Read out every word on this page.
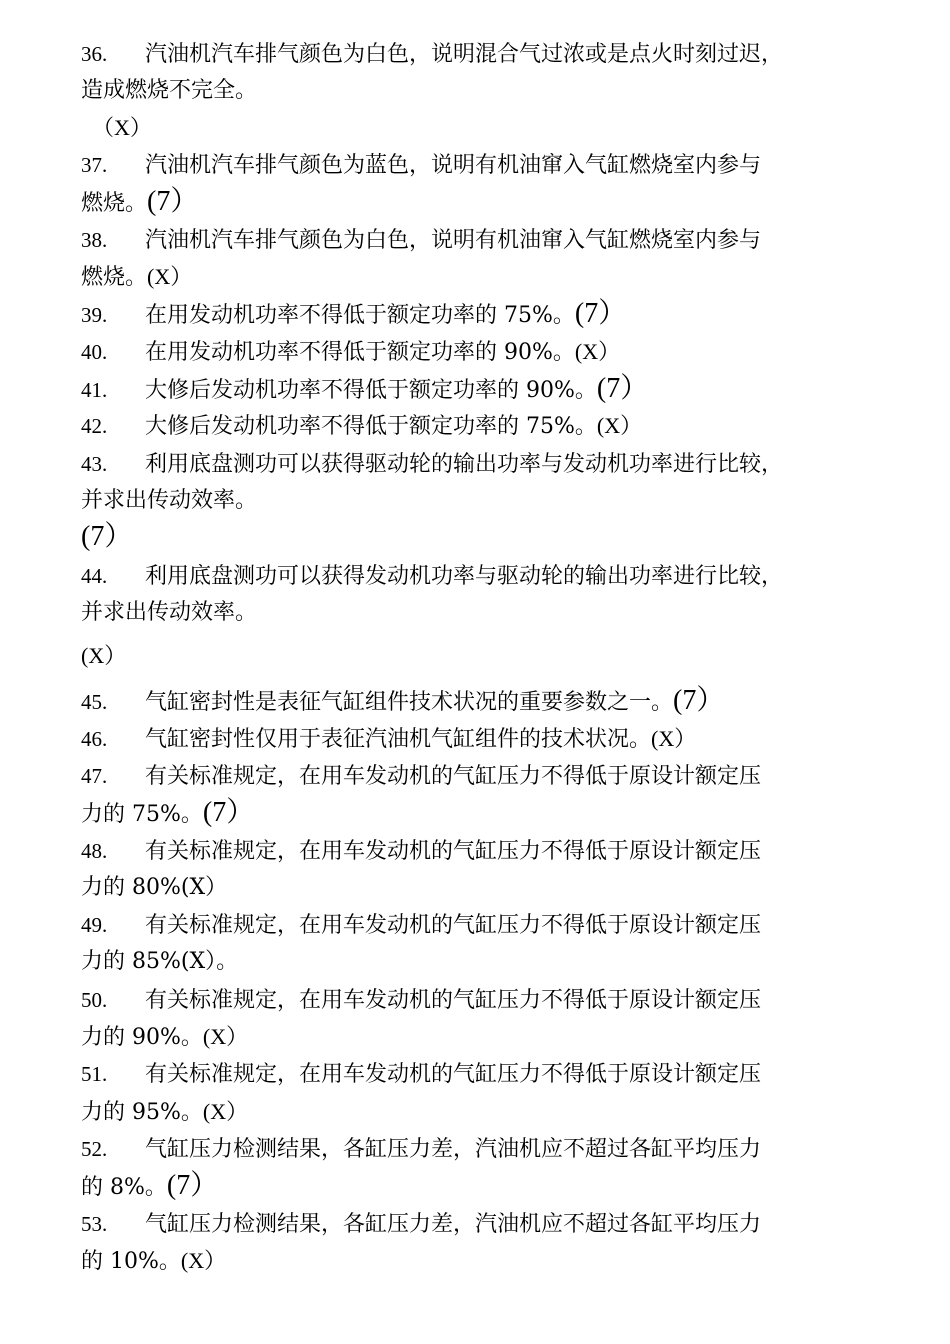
36. 汽油机汽车排气颜色为白色，说明混合气过浓或是点火时刻过迟，
造成燃烧不完全。
（X）
37. 汽油机汽车排气颜色为蓝色，说明有机油窜入气缸燃烧室内参与
燃烧。(7）
38. 汽油机汽车排气颜色为白色，说明有机油窜入气缸燃烧室内参与
燃烧。(X）
39. 在用发动机功率不得低于额定功率的 75%。(7）
40. 在用发动机功率不得低于额定功率的 90%。(X）
41. 大修后发动机功率不得低于额定功率的 90%。(7）
42. 大修后发动机功率不得低于额定功率的 75%。(X）
43. 利用底盘测功可以获得驱动轮的输出功率与发动机功率进行比较，
并求出传动效率。
(7）
44. 利用底盘测功可以获得发动机功率与驱动轮的输出功率进行比较，
并求出传动效率。
(X）
45. 气缸密封性是表征气缸组件技术状况的重要参数之一。(7）
46. 气缸密封性仅用于表征汽油机气缸组件的技术状况。(X）
47. 有关标准规定，在用车发动机的气缸压力不得低于原设计额定压
力的 75%。(7）
48. 有关标准规定，在用车发动机的气缸压力不得低于原设计额定压
力的 80%(X）
49. 有关标准规定，在用车发动机的气缸压力不得低于原设计额定压
力的 85%(X）。
50. 有关标准规定，在用车发动机的气缸压力不得低于原设计额定压
力的 90%。(X）
51. 有关标准规定，在用车发动机的气缸压力不得低于原设计额定压
力的 95%。(X）
52. 气缸压力检测结果，各缸压力差，汽油机应不超过各缸平均压力
的 8%。(7）
53. 气缸压力检测结果，各缸压力差，汽油机应不超过各缸平均压力
的 10%。(X）
